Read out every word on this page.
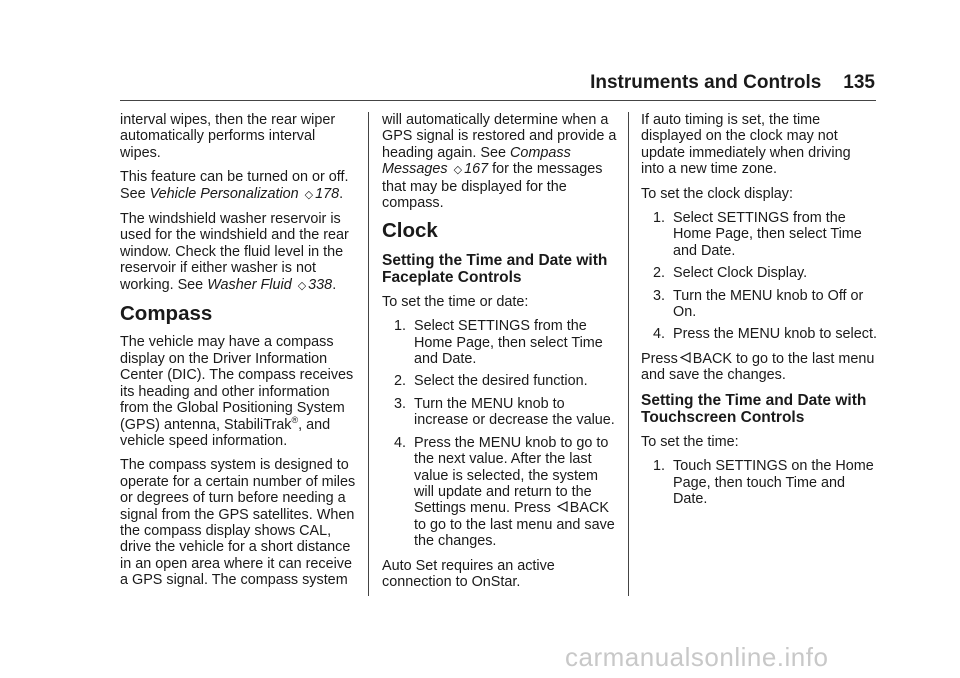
Instruments and Controls 135

interval wipes, then the rear wiper automatically performs interval wipes.

This feature can be turned on or off. See Vehicle Personalization ◇ 178.

The windshield washer reservoir is used for the windshield and the rear window. Check the fluid level in the reservoir if either washer is not working. See Washer Fluid ◇ 338.

Compass

The vehicle may have a compass display on the Driver Information Center (DIC). The compass receives its heading and other information from the Global Positioning System (GPS) antenna, StabiliTrak®, and vehicle speed information.

The compass system is designed to operate for a certain number of miles or degrees of turn before needing a signal from the GPS satellites. When the compass display shows CAL, drive the vehicle for a short distance in an open area where it can receive a GPS signal. The compass system

will automatically determine when a GPS signal is restored and provide a heading again. See Compass Messages ◇ 167 for the messages that may be displayed for the compass.

Clock
Setting the Time and Date with Faceplate Controls

To set the time or date:

1. Select SETTINGS from the Home Page, then select Time and Date.
2. Select the desired function.
3. Turn the MENU knob to increase or decrease the value.
4. Press the MENU knob to go to the next value. After the last value is selected, the system will update and return to the Settings menu. Press BACK to go to the last menu and save the changes.

Auto Set requires an active connection to OnStar.

If auto timing is set, the time displayed on the clock may not update immediately when driving into a new time zone.

To set the clock display:

1. Select SETTINGS from the Home Page, then select Time and Date.
2. Select Clock Display.
3. Turn the MENU knob to Off or On.
4. Press the MENU knob to select.

Press BACK to go to the last menu and save the changes.

Setting the Time and Date with Touchscreen Controls

To set the time:

1. Touch SETTINGS on the Home Page, then touch Time and Date.
carmanualsonline.info
